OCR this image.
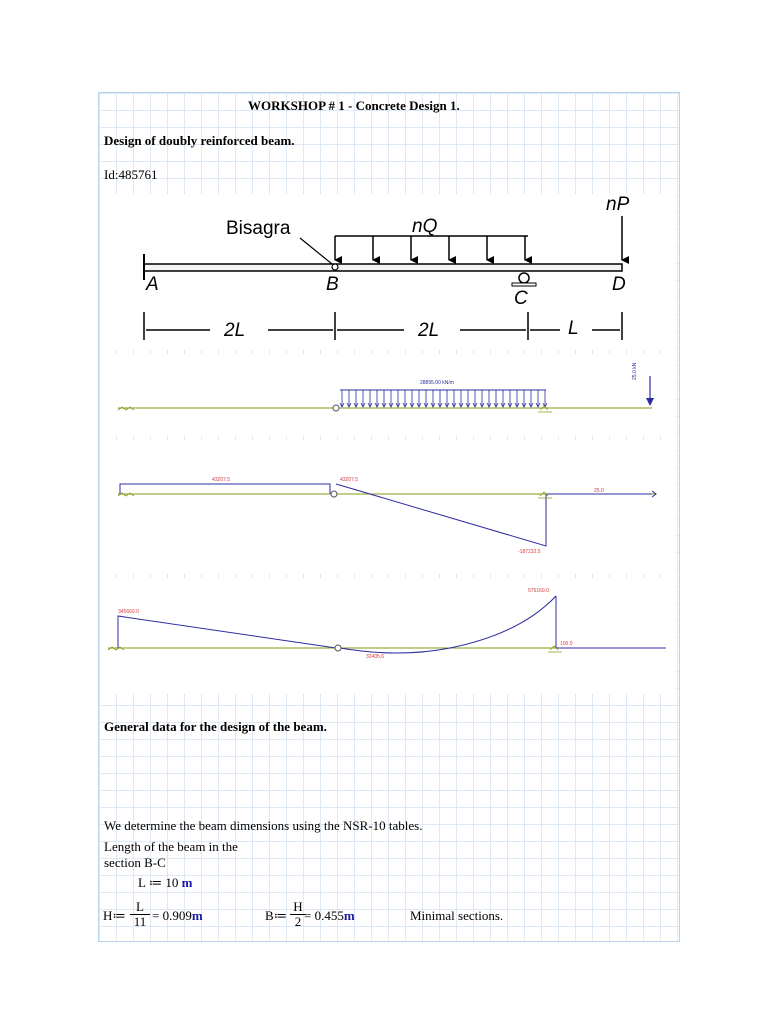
WORKSHOP # 1 - Concrete Design 1.
Design of doubly reinforced beam.
Id:485761
Bisagra	nQ
nP
A	B
C
D
2L	2L	L
28895.00 kN/m
25.0 kN
43207.5	43207.5
-187232.5
25.0
345660.0
32405.6
576160.0
100.0
General data for the design of the beam.
We determine the beam dimensions using the NSR-10 tables.
Length of the beam in the
section B-C
L ≔ 10 m
H≔ $\frac{L}{11} = 0.909m$	B≔ $\frac{H}{2}$
= 0.455m	Minimal sections.
